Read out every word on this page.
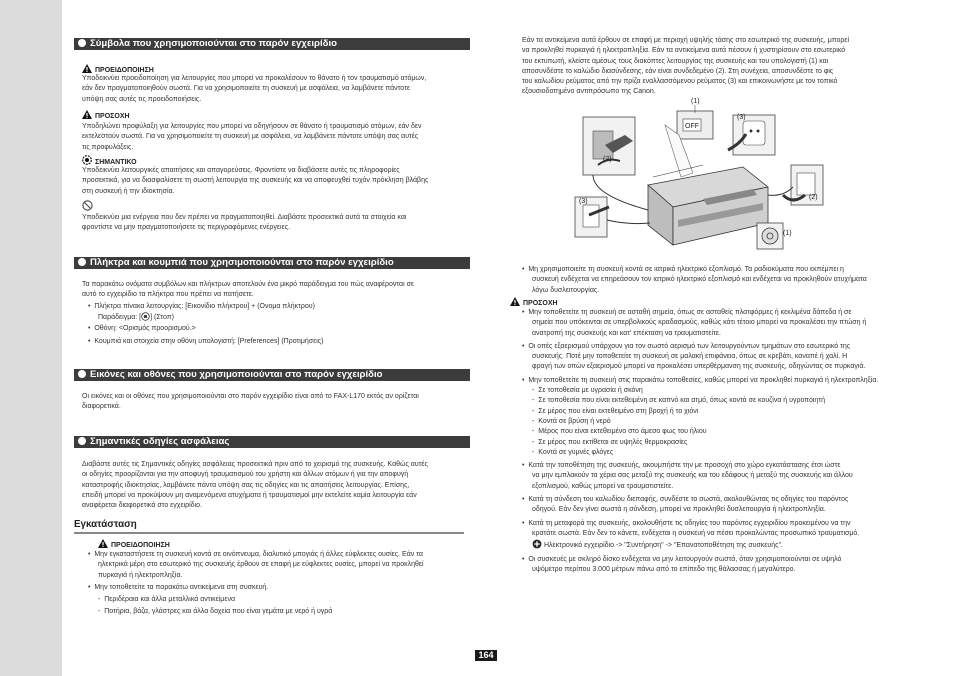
Σύμβολα που χρησιμοποιούνται στο παρόν εγχειρίδιο
ΠΡΟΕΙΔΟΠΟΙΗΣΗ

Υποδεικνύει προειδοποίηση για λειτουργίες που μπορεί να προκαλέσουν το θάνατο ή τον τραυματισμό ατόμων,

εάν δεν πραγματοποιηθούν σωστά. Για να χρησιμοποιείτε τη συσκευή με ασφάλεια, να λαμβάνετε πάντοτε

υπόψη σας αυτές τις προειδοποιήσεις.

ΠΡΟΣΟΧΗ

Υποδηλώνει προφύλαξη για λειτουργίες που μπορεί να οδηγήσουν σε θάνατο ή τραυματισμό ατόμων, εάν δεν

εκτελεστούν σωστά. Για να χρησιμοποιείτε τη συσκευή με ασφάλεια, να λαμβάνετε πάντοτε υπόψη σας αυτές

τις προφυλάξεις.

ΣΗΜΑΝΤΙΚΟ

Υποδεικνύει λειτουργικές απαιτήσεις και απαγορεύσεις. Φροντίστε να διαβάσετε αυτές τις πληροφορίες

προσεκτικά, για να διασφαλίσετε τη σωστή λειτουργία της συσκευής και να αποφευχθεί τυχόν πρόκληση βλάβης

στη συσκευή ή την ιδιοκτησία.

Υποδεικνύει μια ενέργεια που δεν πρέπει να πραγματοποιηθεί. Διαβάστε προσεκτικά αυτά τα στοιχεία και

φροντίστε να μην πραγματοποιήσετε τις περιγραφόμενες ενέργειες.

Πλήκτρα και κουμπιά που χρησιμοποιούνται στο παρόν εγχειρίδιο

Τα παρακάτω ονόματα συμβόλων και πλήκτρων αποτελούν ένα μικρό παράδειγμα του πώς αναφέρονται σε

αυτό το εγχειρίδιο τα πλήκτρα που πρέπει να πατήσετε.

•  Πλήκτρα πίνακα λειτουργίας: [Εικονίδιο πλήκτρου] + (Ονομα πλήκτρου)

Παράδειγμα: [ ] (Στοπ)

•  Οθόνη: <Ορισμός προορισμού.>

•  Κουμπιά και στοιχεία στην οθόνη υπολογιστή: [Preferences] (Προτιμήσεις)

Εικόνες και οθόνες που χρησιμοποιούνται στο παρόν εγχειρίδιο

Οι εικόνες και οι οθόνες που χρησιμοποιούνται στο παρόν εγχειρίδιο είναι από το FAX-L170 εκτός αν ορίζεται

διαφορετικά.

Σημαντικές οδηγίες ασφάλειας

Διαβάστε αυτές τις Σημαντικές οδηγίες ασφάλειας προσεκτικά πριν από το χειρισμό της συσκευής. Καθώς αυτές

οι οδηγίες προορίζονται για την αποφυγή τραυματισμού του χρήστη και άλλων ατόμων ή για την αποφυγή

καταστροφής ιδιοκτησίας, λαμβάνετε πάντα υπόψη σας τις οδηγίες και τις απαιτήσεις λειτουργίας. Επίσης,

επειδή μπορεί να προκύψουν μη αναμενόμενα ατυχήματα ή τραυματισμοί μην εκτελείτε καμία λειτουργία εάν

αναφέρεται διαφορετικά στο εγχειρίδιο.

Εγκατάσταση
ΠΡΟΕΙΔΟΠΟΙΗΣΗ

•  Μην εγκαταστήσετε τη συσκευή κοντά σε οινόπνευμα, διαλυτικό μπογιάς ή άλλες εύφλεκτες ουσίες. Εάν τα

ηλεκτρικά μέρη στο εσωτερικό της συσκευής έρθουν σε επαφή με εύφλεκτες ουσίες, μπορεί να προκληθεί

πυρκαγιά ή ηλεκτροπληξία.

•  Μην τοποθετείτε τα παρακάτω αντικείμενα στη συσκευή.

-  Περιδέραια και άλλα μεταλλικά αντικείμενα

-  Ποτήρια, βάζα, γλάστρες και άλλα δοχεία που είναι γεμάτα με νερό ή υγρά

Εάν τα αντικείμενα αυτά έρθουν σε επαφή με περιοχή υψηλής τάσης στο εσωτερικό της συσκευής, μπορεί

να προκληθεί πυρκαγιά ή ηλεκτροπληξία. Εάν τα αντικείμενα αυτά πέσουν ή χυστηρίσουν στο εσωτερικό

του εκτυπωτή, κλείστε αμέσως τους διακόπτες λειτουργίας της συσκευής και του υπολογιστή (1) και

αποσυνδέστε το καλώδιο διασύνδεσης, εάν είναι συνδεδεμένο (2). Στη συνέχεια, αποσυνδέστε το φις

του καλωδίου ρεύματος από την πρίζα εναλλασσόμενου ρεύματος (3) και επικοινωνήστε με τον τοπικό

εξουσιοδοτημένο αντιπρόσωπο της Canon.

OFF
(1)
(3)
(2)
(3)
(2)
(1)

•  Μη χρησιμοποιείτε τη συσκευή κοντά σε ιατρικό ηλεκτρικό εξοπλισμό. Τα ραδιοκύματα που εκπέμπει η

συσκευή ενδέχεται να επηρεάσουν τον ιατρικό ηλεκτρικό εξοπλισμό και ενδέχεται να προκληθούν ατυχήματα

λόγω δυσλειτουργίας.

ΠΡΟΣΟΧΗ

•  Μην τοποθετείτε τη συσκευή σε ασταθή σημεία, όπως σε ασταθείς πλατφόρμες ή κεκλιμένα δάπεδα ή σε

σημεία που υπόκεινται σε υπερβολικούς κραδασμούς, καθώς κάτι τέτοιο μπορεί να προκαλέσει την πτώση ή

ανατροπή της συσκευής και κατ' επέκταση να τραυματιστείτε.

•  Οι οπές εξαερισμού υπάρχουν για τον σωστό αερισμό των λειτουργούντων τμημάτων στο εσωτερικό της

συσκευής. Ποτέ μην τοποθετείτε τη συσκευή σε μαλακή επιφάνεια, όπως σε κρεβάτι, καναπέ ή χαλί. Η

φραγή των οπών εξαερισμού μπορεί να προκαλέσει υπερθέρμανση της συσκευής, οδηγώντας σε πυρκαγιά.

•  Μην τοποθετείτε τη συσκευή στις παρακάτω τοποθεσίες, καθώς μπορεί να προκληθεί πυρκαγιά ή ηλεκτροπληξία.

-  Σε τοποθεσία με υγρασία ή σκόνη

-  Σε τοποθεσία που είναι εκτεθειμένη σε καπνό και ατμό, όπως κοντά σε κουζίνα ή υγροποιητή

-  Σε μέρος που είναι εκτεθειμένο στη βροχή ή το χιόνι

-  Κοντά σε βρύση ή νερό

-  Μέρος που είναι εκτεθειμένο στο άμεσο φως του ήλιου

-  Σε μέρος που εκτίθεται σε υψηλές θερμοκρασίες

-  Κοντά σε γυμνές φλόγες

•  Κατά την τοποθέτηση της συσκευής, ακουμπήστε την με προσοχή στο χώρο εγκατάστασης έτσι ώστε

να μην εμπλακούν τα χέρια σας μεταξύ της συσκευής και του εδάφους ή μεταξύ της συσκευής και άλλου

εξοπλισμού, καθώς μπορεί να τραυματιστείτε.

•  Κατά τη σύνδεση του καλωδίου διεπαφής, συνδέστε το σωστά, ακολουθώντας τις οδηγίες του παρόντος

οδηγού. Εάν δεν γίνει σωστά η σύνδεση, μπορεί να προκληθεί δυσλειτουργία ή ηλεκτροπληξία.

•  Κατά τη μεταφορά της συσκευής, ακολουθήστε τις οδηγίες του παρόντος εγχειριδίου προκειμένου να την

κρατάτε σωστά. Εάν δεν το κάνετε, ενδέχεται η συσκευή να πέσει προκαλώντας προσωπικό τραυματισμό.

Ηλεκτρονικό εγχειρίδιο -> "Συντήρηση" -> "Επανατοποθέτηση της συσκευής".

•  Οι συσκευές με σκληρό δίσκο ενδέχεται να μην λειτουργούν σωστά, όταν χρησιμοποιούνται σε υψηλό

υψόμετρο περίπου 3.000 μέτρων πάνω από το επίπεδο της θάλασσας ή μεγαλύτερο.

164
